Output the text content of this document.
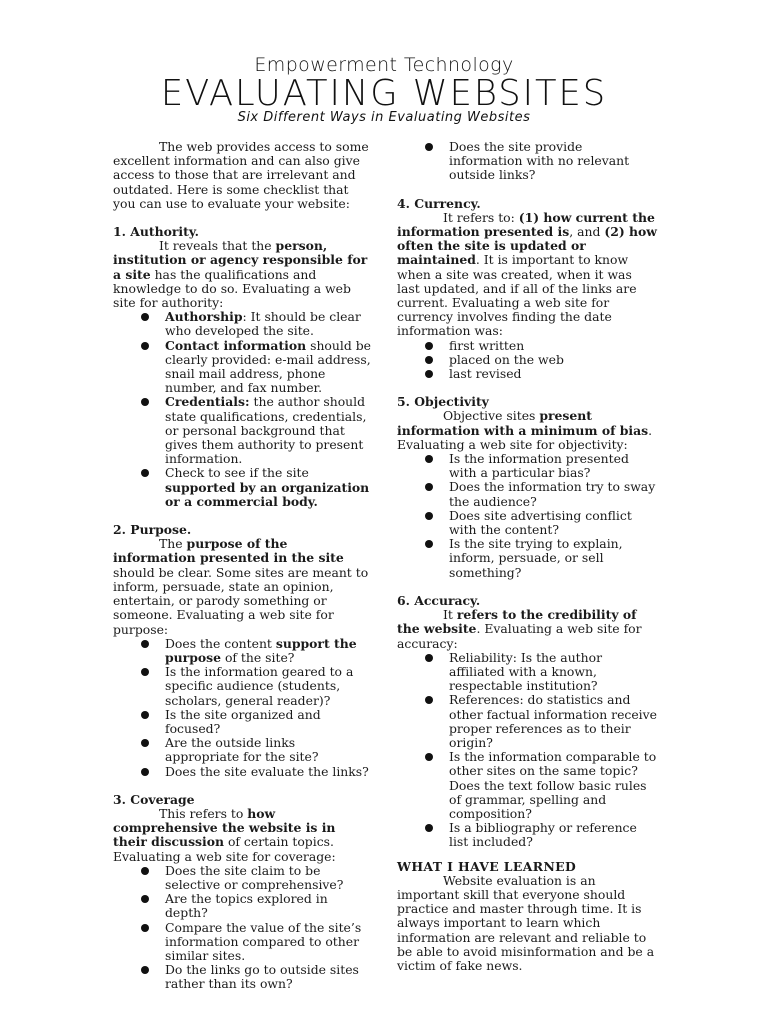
Empowerment Technology
EVALUATING WEBSITES
Six Different Ways in Evaluating Websites

The web provides access to some excellent information and can also give access to those that are irrelevant and outdated. Here is some checklist that you can use to evaluate your website:

1. Authority.

It reveals that the person, institution or agency responsible for a site has the qualifications and knowledge to do so. Evaluating a web site for authority:

Authorship: It should be clear who developed the site.
Contact information should be clearly provided: e-mail address, snail mail address, phone number, and fax number.
Credentials: the author should state qualifications, credentials, or personal background that gives them authority to present information.
Check to see if the site supported by an organization or a commercial body.

2. Purpose.

The purpose of the information presented in the site should be clear. Some sites are meant to inform, persuade, state an opinion, entertain, or parody something or someone. Evaluating a web site for purpose:

Does the content support the purpose of the site?
Is the information geared to a specific audience (students, scholars, general reader)?
Is the site organized and focused?
Are the outside links appropriate for the site?
Does the site evaluate the links?

3. Coverage

This refers to how comprehensive the website is in their discussion of certain topics. Evaluating a web site for coverage:

Does the site claim to be selective or comprehensive?
Are the topics explored in depth?
Compare the value of the site’s information compared to other similar sites.
Do the links go to outside sites rather than its own?
Does the site provide information with no relevant outside links?

4. Currency.

It refers to: (1) how current the information presented is, and (2) how often the site is updated or maintained. It is important to know when a site was created, when it was last updated, and if all of the links are current. Evaluating a web site for currency involves finding the date information was:

first written
placed on the web
last revised

5. Objectivity

Objective sites present information with a minimum of bias. Evaluating a web site for objectivity:

Is the information presented with a particular bias?
Does the information try to sway the audience?
Does site advertising conflict with the content?
Is the site trying to explain, inform, persuade, or sell something?

6. Accuracy.

It refers to the credibility of the website. Evaluating a web site for accuracy:

Reliability: Is the author affiliated with a known, respectable institution?
References: do statistics and other factual information receive proper references as to their origin?
Is the information comparable to other sites on the same topic? Does the text follow basic rules of grammar, spelling and composition?
Is a bibliography or reference list included?

WHAT I HAVE LEARNED

Website evaluation is an important skill that everyone should practice and master through time. It is always important to learn which information are relevant and reliable to be able to avoid misinformation and be a victim of fake news.
